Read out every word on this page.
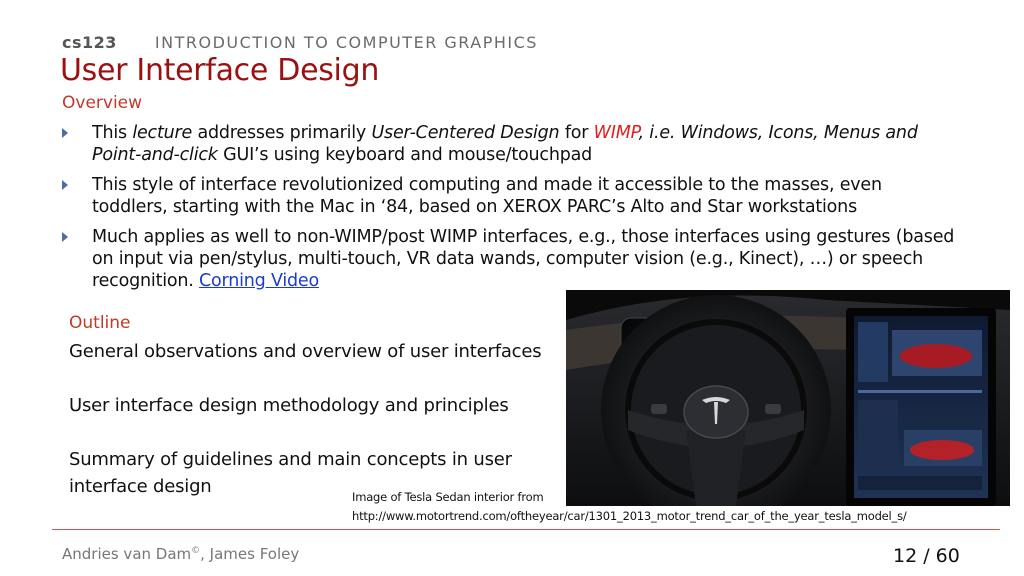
cs123 INTRODUCTION TO COMPUTER GRAPHICS
User Interface Design
Overview
This lecture addresses primarily User-Centered Design for WIMP, i.e. Windows, Icons, Menus and Point-and-click GUI’s using keyboard and mouse/touchpad
This style of interface revolutionized computing and made it accessible to the masses, even toddlers, starting with the Mac in ‘84, based on XEROX PARC’s Alto and Star workstations
Much applies as well to non-WIMP/post WIMP interfaces, e.g., those interfaces using gestures (based on input via pen/stylus, multi-touch, VR data wands, computer vision (e.g., Kinect), …) or speech recognition. Corning Video
Outline

General observations and overview of user interfaces

User interface design methodology and principles

Summary of guidelines and main concepts in user interface design	Image of Tesla Sedan interior from
http://www.motortrend.com/oftheyear/car/1301_2013_motor_trend_car_of_the_year_tesla_model_s/
Andries van Dam©, James Foley	12 / 60
